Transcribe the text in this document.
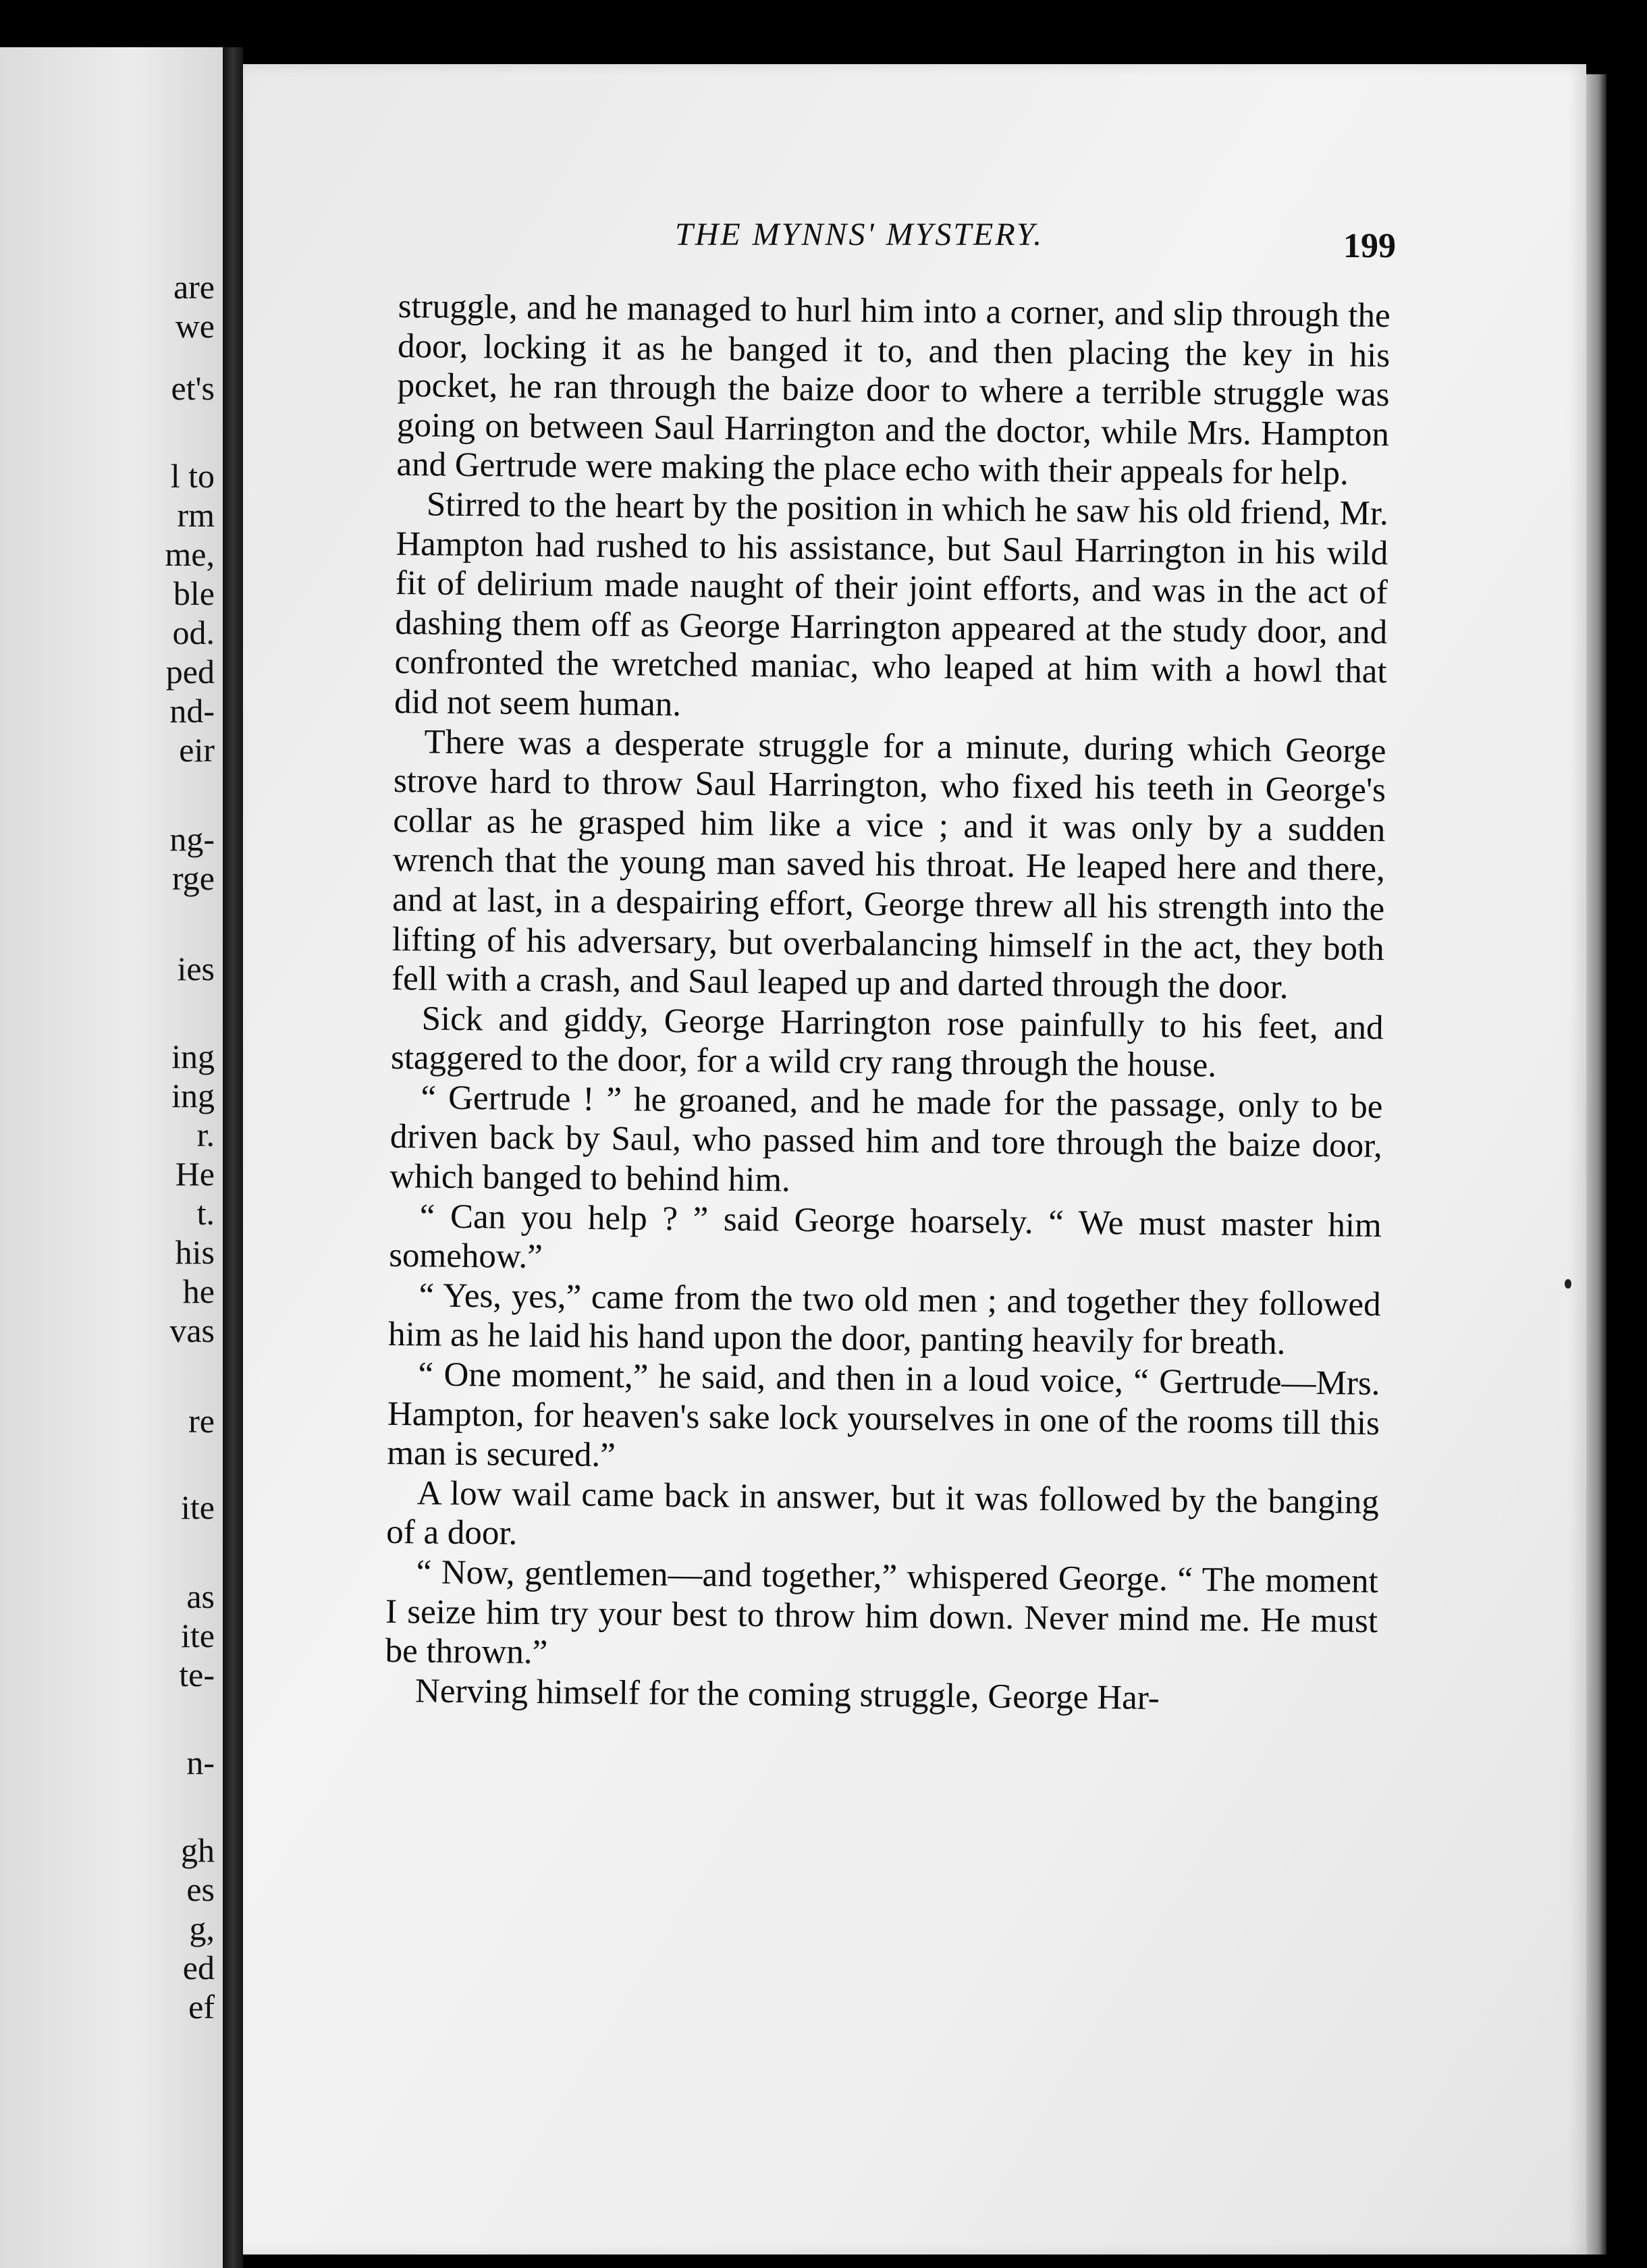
are
we
et's
l to
rm
me,
ble
od.
ped
nd-
eir
ng-
rge
ies
ing
ing
r.
He
t.
his
he
vas
re
ite
as
ite
te-
n-
gh
es
g,
ed
ef
THE MYNNS' MYSTERY.	199

struggle, and he managed to hurl him into a corner, and slip through the door, locking it as he banged it to, and then placing the key in his pocket, he ran through the baize door to where a terrible struggle was going on between Saul Harrington and the doctor, while Mrs. Hampton and Gertrude were making the place echo with their appeals for help.

Stirred to the heart by the position in which he saw his old friend, Mr. Hampton had rushed to his assistance, but Saul Harrington in his wild fit of delirium made naught of their joint efforts, and was in the act of dashing them off as George Harrington appeared at the study door, and confronted the wretched maniac, who leaped at him with a howl that did not seem human.

There was a desperate struggle for a minute, during which George strove hard to throw Saul Harrington, who fixed his teeth in George's collar as he grasped him like a vice ; and it was only by a sudden wrench that the young man saved his throat. He leaped here and there, and at last, in a despairing effort, George threw all his strength into the lifting of his adversary, but overbalancing himself in the act, they both fell with a crash, and Saul leaped up and darted through the door.

Sick and giddy, George Harrington rose painfully to his feet, and staggered to the door, for a wild cry rang through the house.

“ Gertrude ! ” he groaned, and he made for the passage, only to be driven back by Saul, who passed him and tore through the baize door, which banged to behind him.

“ Can you help ? ” said George hoarsely. “ We must master him somehow.”

“ Yes, yes,” came from the two old men ; and together they followed him as he laid his hand upon the door, panting heavily for breath.

“ One moment,” he said, and then in a loud voice, “ Gertrude—Mrs. Hampton, for heaven's sake lock yourselves in one of the rooms till this man is secured.”

A low wail came back in answer, but it was followed by the banging of a door.

“ Now, gentlemen—and together,” whispered George. “ The moment I seize him try your best to throw him down. Never mind me. He must be thrown.”

Nerving himself for the coming struggle, George Har-
